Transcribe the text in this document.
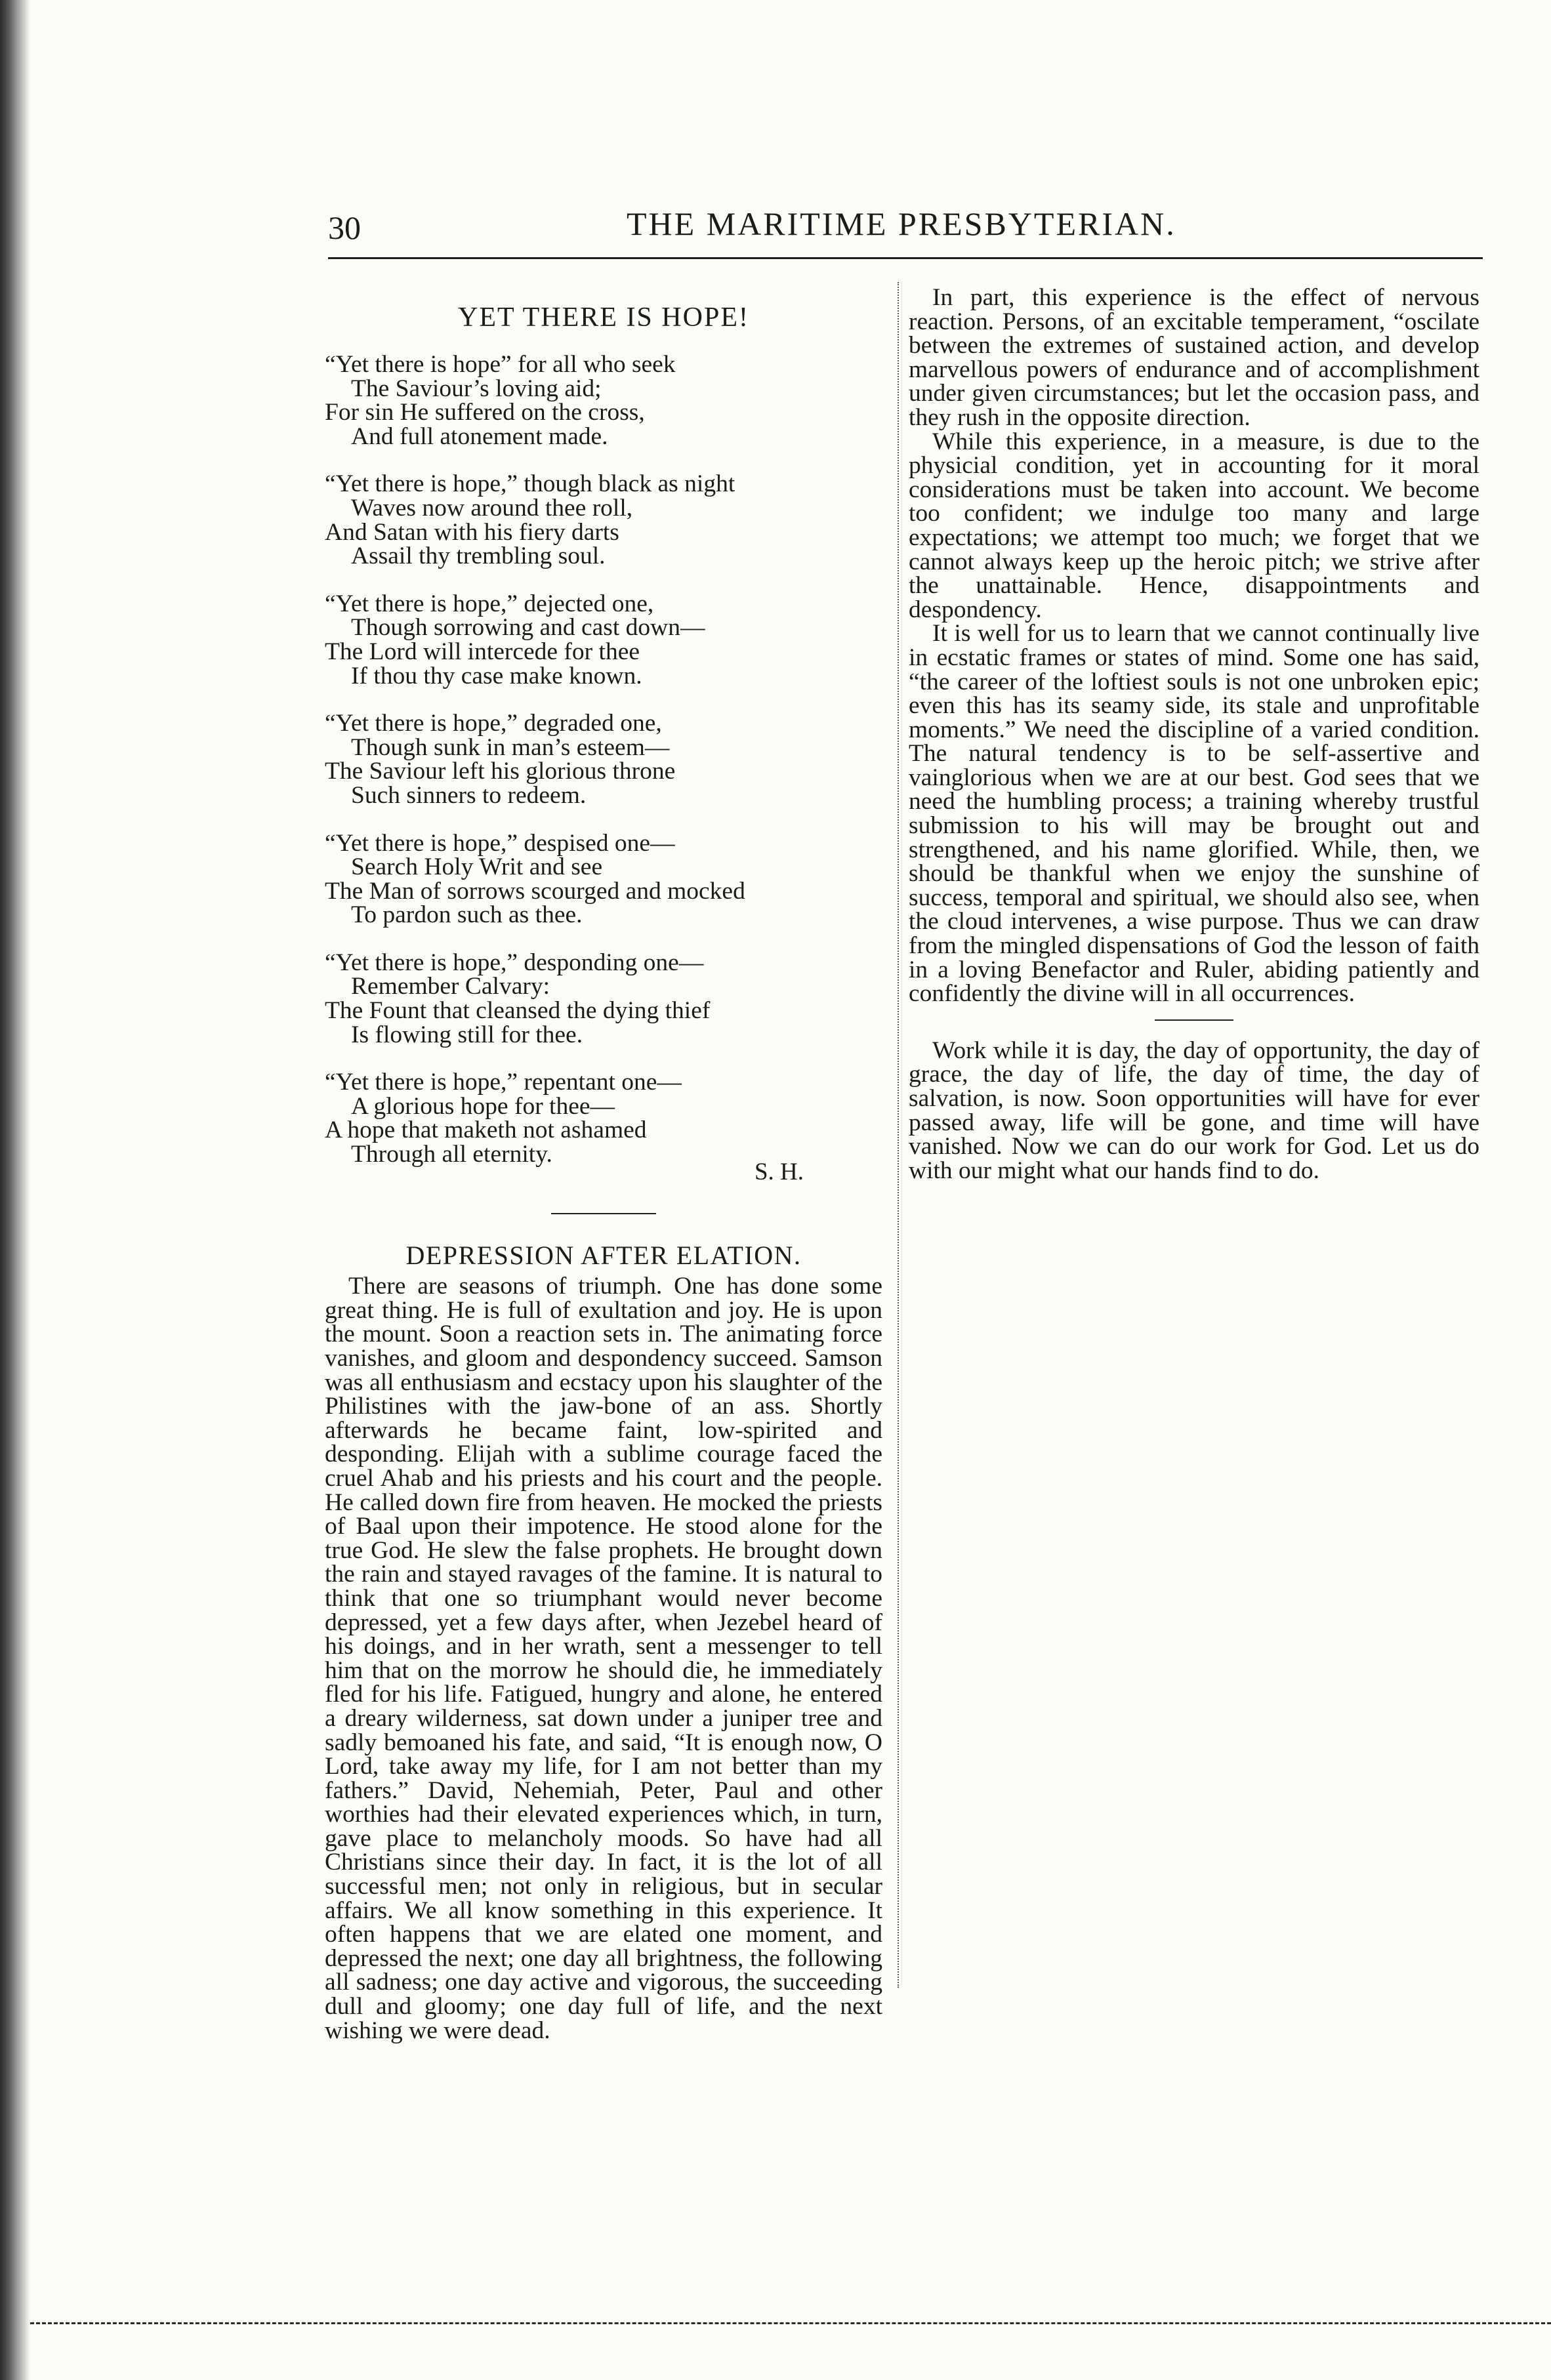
30	THE MARITIME PRESBYTERIAN.
YET THERE IS HOPE!
“Yet there is hope” for all who seek
The Saviour’s loving aid;
For sin He suffered on the cross,
And full atonement made.
“Yet there is hope,” though black as night
Waves now around thee roll,
And Satan with his fiery darts
Assail thy trembling soul.
“Yet there is hope,” dejected one,
Though sorrowing and cast down—
The Lord will intercede for thee
If thou thy case make known.
“Yet there is hope,” degraded one,
Though sunk in man’s esteem—
The Saviour left his glorious throne
Such sinners to redeem.
“Yet there is hope,” despised one—
Search Holy Writ and see
The Man of sorrows scourged and mocked
To pardon such as thee.
“Yet there is hope,” desponding one—
Remember Calvary:
The Fount that cleansed the dying thief
Is flowing still for thee.
“Yet there is hope,” repentant one—
A glorious hope for thee—
A hope that maketh not ashamed
Through all eternity.
S. H.
DEPRESSION AFTER ELATION.

There are seasons of triumph. One has done some great thing. He is full of exultation and joy. He is upon the mount. Soon a reaction sets in. The animating force vanishes, and gloom and despondency succeed. Samson was all enthusiasm and ecstacy upon his slaughter of the Philistines with the jaw-bone of an ass. Shortly afterwards he became faint, low-spirited and desponding. Elijah with a sublime courage faced the cruel Ahab and his priests and his court and the people. He called down fire from heaven. He mocked the priests of Baal upon their impotence. He stood alone for the true God. He slew the false prophets. He brought down the rain and stayed ravages of the famine. It is natural to think that one so triumphant would never become depressed, yet a few days after, when Jezebel heard of his doings, and in her wrath, sent a messenger to tell him that on the morrow he should die, he immediately fled for his life. Fatigued, hungry and alone, he entered a dreary wilderness, sat down under a juniper tree and sadly bemoaned his fate, and said, “It is enough now, O Lord, take away my life, for I am not better than my fathers.” David, Nehemiah, Peter, Paul and other worthies had their elevated experiences which, in turn, gave place to melancholy moods. So have had all Christians since their day. In fact, it is the lot of all successful men; not only in religious, but in secular affairs. We all know something in this experience. It often happens that we are elated one moment, and depressed the next; one day all brightness, the following all sadness; one day active and vigorous, the succeeding dull and gloomy; one day full of life, and the next wishing we were dead.

In part, this experience is the effect of nervous reaction. Persons, of an excitable temperament, “oscilate between the extremes of sustained action, and develop marvellous powers of endurance and of accomplishment under given circumstances; but let the occasion pass, and they rush in the opposite direction.

While this experience, in a measure, is due to the physicial condition, yet in accounting for it moral considerations must be taken into account. We become too confident; we indulge too many and large expectations; we attempt too much; we forget that we cannot always keep up the heroic pitch; we strive after the unattainable. Hence, disappointments and despondency.

It is well for us to learn that we cannot continually live in ecstatic frames or states of mind. Some one has said, “the career of the loftiest souls is not one unbroken epic; even this has its seamy side, its stale and unprofitable moments.” We need the discipline of a varied condition. The natural tendency is to be self-assertive and vainglorious when we are at our best. God sees that we need the humbling process; a training whereby trustful submission to his will may be brought out and strengthened, and his name glorified. While, then, we should be thankful when we enjoy the sunshine of success, temporal and spiritual, we should also see, when the cloud intervenes, a wise purpose. Thus we can draw from the mingled dispensations of God the lesson of faith in a loving Benefactor and Ruler, abiding patiently and confidently the divine will in all occurrences.

Work while it is day, the day of opportunity, the day of grace, the day of life, the day of time, the day of salvation, is now. Soon opportunities will have for ever passed away, life will be gone, and time will have vanished. Now we can do our work for God. Let us do with our might what our hands find to do.
